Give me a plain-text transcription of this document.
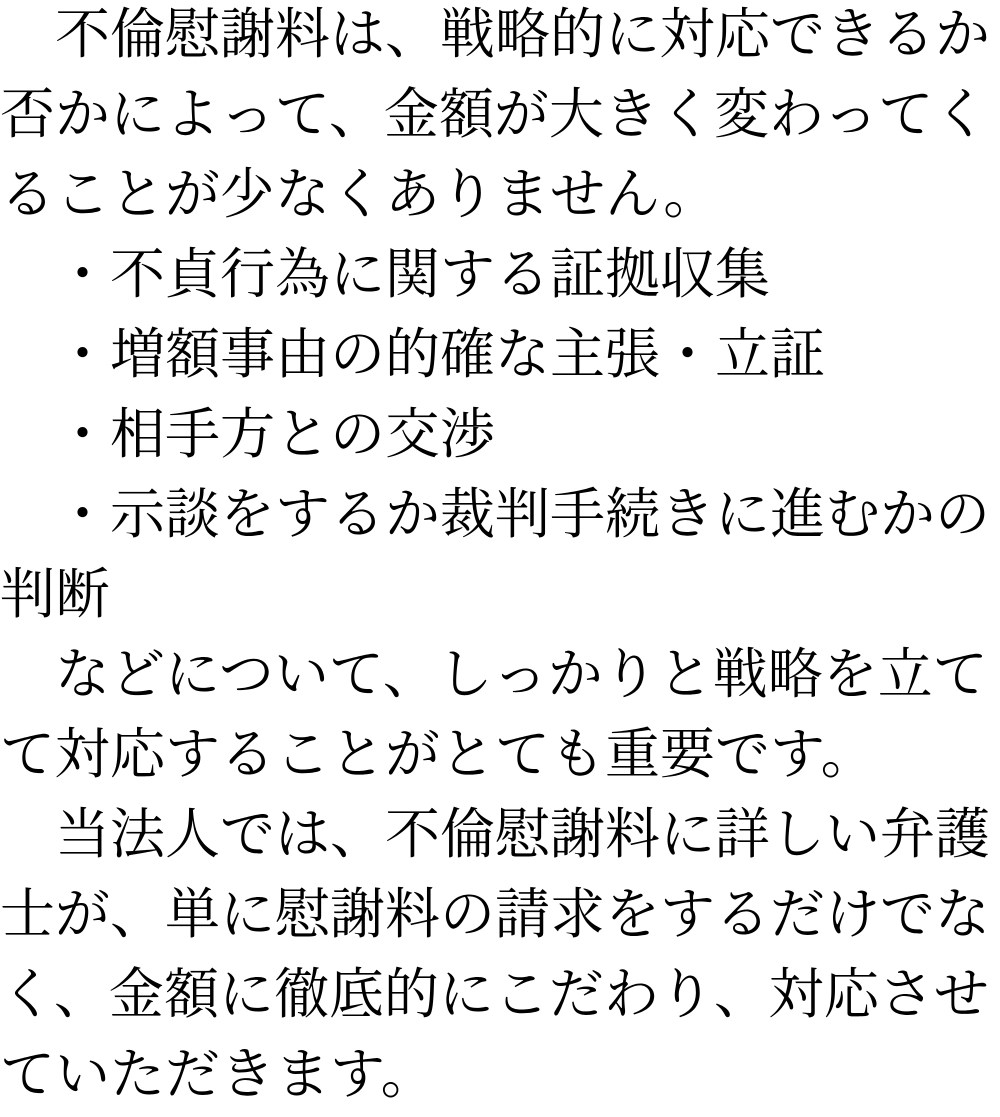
　不倫慰謝料は、戦略的に対応できるか否かによって、金額が大きく変わってくることが少なくありません。

　・不貞行為に関する証拠収集

　・増額事由の的確な主張・立証

　・相手方との交渉

　・示談をするか裁判手続きに進むかの判断

　などについて、しっかりと戦略を立てて対応することがとても重要です。

　当法人では、不倫慰謝料に詳しい弁護士が、単に慰謝料の請求をするだけでなく、金額に徹底的にこだわり、対応させていただきます。
